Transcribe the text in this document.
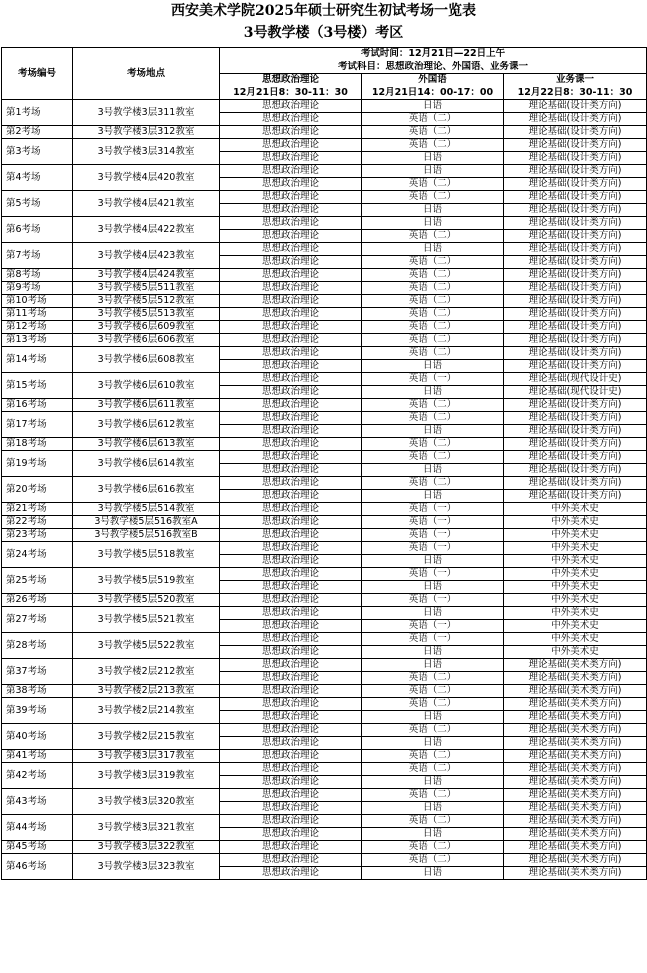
西安美术学院2025年硕士研究生初试考场一览表
3号教学楼（3号楼）考区
考场编号	考场地点	考试时间：12月21日—22日上午		
		考试科目：思想政治理论、外国语、业务课一		
		思想政治理论	外国语	业务课一
		12月21日8：30-11：30	12月21日14：00-17：00	12月22日8：30-11：30
第1考场	3号教学楼3层311教室	思想政治理论	日语	理论基础(设计类方向)
		思想政治理论	英语（二）	理论基础(设计类方向)
第2考场	3号教学楼3层312教室	思想政治理论	英语（二）	理论基础(设计类方向)
第3考场	3号教学楼3层314教室	思想政治理论	英语（二）	理论基础(设计类方向)
		思想政治理论	日语	理论基础(设计类方向)
第4考场	3号教学楼4层420教室	思想政治理论	日语	理论基础(设计类方向)
		思想政治理论	英语（二）	理论基础(设计类方向)
第5考场	3号教学楼4层421教室	思想政治理论	英语（二）	理论基础(设计类方向)
		思想政治理论	日语	理论基础(设计类方向)
第6考场	3号教学楼4层422教室	思想政治理论	日语	理论基础(设计类方向)
		思想政治理论	英语（二）	理论基础(设计类方向)
第7考场	3号教学楼4层423教室	思想政治理论	日语	理论基础(设计类方向)
		思想政治理论	英语（二）	理论基础(设计类方向)
第8考场	3号教学楼4层424教室	思想政治理论	英语（二）	理论基础(设计类方向)
第9考场	3号教学楼5层511教室	思想政治理论	英语（二）	理论基础(设计类方向)
第10考场	3号教学楼5层512教室	思想政治理论	英语（二）	理论基础(设计类方向)
第11考场	3号教学楼5层513教室	思想政治理论	英语（二）	理论基础(设计类方向)
第12考场	3号教学楼6层609教室	思想政治理论	英语（二）	理论基础(设计类方向)
第13考场	3号教学楼6层606教室	思想政治理论	英语（二）	理论基础(设计类方向)
第14考场	3号教学楼6层608教室	思想政治理论	英语（二）	理论基础(设计类方向)
		思想政治理论	日语	理论基础(设计类方向)
第15考场	3号教学楼6层610教室	思想政治理论	英语（一）	理论基础(现代设计史)
		思想政治理论	日语	理论基础(现代设计史)
第16考场	3号教学楼6层611教室	思想政治理论	英语（二）	理论基础(设计类方向)
第17考场	3号教学楼6层612教室	思想政治理论	英语（二）	理论基础(设计类方向)
		思想政治理论	日语	理论基础(设计类方向)
第18考场	3号教学楼6层613教室	思想政治理论	英语（二）	理论基础(设计类方向)
第19考场	3号教学楼6层614教室	思想政治理论	英语（二）	理论基础(设计类方向)
		思想政治理论	日语	理论基础(设计类方向)
第20考场	3号教学楼6层616教室	思想政治理论	英语（二）	理论基础(设计类方向)
		思想政治理论	日语	理论基础(设计类方向)
第21考场	3号教学楼5层514教室	思想政治理论	英语（一）	中外美术史
第22考场	3号教学楼5层516教室A	思想政治理论	英语（一）	中外美术史
第23考场	3号教学楼5层516教室B	思想政治理论	英语（一）	中外美术史
第24考场	3号教学楼5层518教室	思想政治理论	英语（一）	中外美术史
		思想政治理论	日语	中外美术史
第25考场	3号教学楼5层519教室	思想政治理论	英语（一）	中外美术史
		思想政治理论	日语	中外美术史
第26考场	3号教学楼5层520教室	思想政治理论	英语（一）	中外美术史
第27考场	3号教学楼5层521教室	思想政治理论	日语	中外美术史
		思想政治理论	英语（一）	中外美术史
第28考场	3号教学楼5层522教室	思想政治理论	英语（一）	中外美术史
		思想政治理论	日语	中外美术史
第37考场	3号教学楼2层212教室	思想政治理论	日语	理论基础(美术类方向)
		思想政治理论	英语（二）	理论基础(美术类方向)
第38考场	3号教学楼2层213教室	思想政治理论	英语（二）	理论基础(美术类方向)
第39考场	3号教学楼2层214教室	思想政治理论	英语（二）	理论基础(美术类方向)
		思想政治理论	日语	理论基础(美术类方向)
第40考场	3号教学楼2层215教室	思想政治理论	英语（二）	理论基础(美术类方向)
		思想政治理论	日语	理论基础(美术类方向)
第41考场	3号教学楼3层317教室	思想政治理论	英语（二）	理论基础(美术类方向)
第42考场	3号教学楼3层319教室	思想政治理论	英语（二）	理论基础(美术类方向)
		思想政治理论	日语	理论基础(美术类方向)
第43考场	3号教学楼3层320教室	思想政治理论	英语（二）	理论基础(美术类方向)
		思想政治理论	日语	理论基础(美术类方向)
第44考场	3号教学楼3层321教室	思想政治理论	英语（二）	理论基础(美术类方向)
		思想政治理论	日语	理论基础(美术类方向)
第45考场	3号教学楼3层322教室	思想政治理论	英语（二）	理论基础(美术类方向)
第46考场	3号教学楼3层323教室	思想政治理论	英语（二）	理论基础(美术类方向)
		思想政治理论	日语	理论基础(美术类方向)
